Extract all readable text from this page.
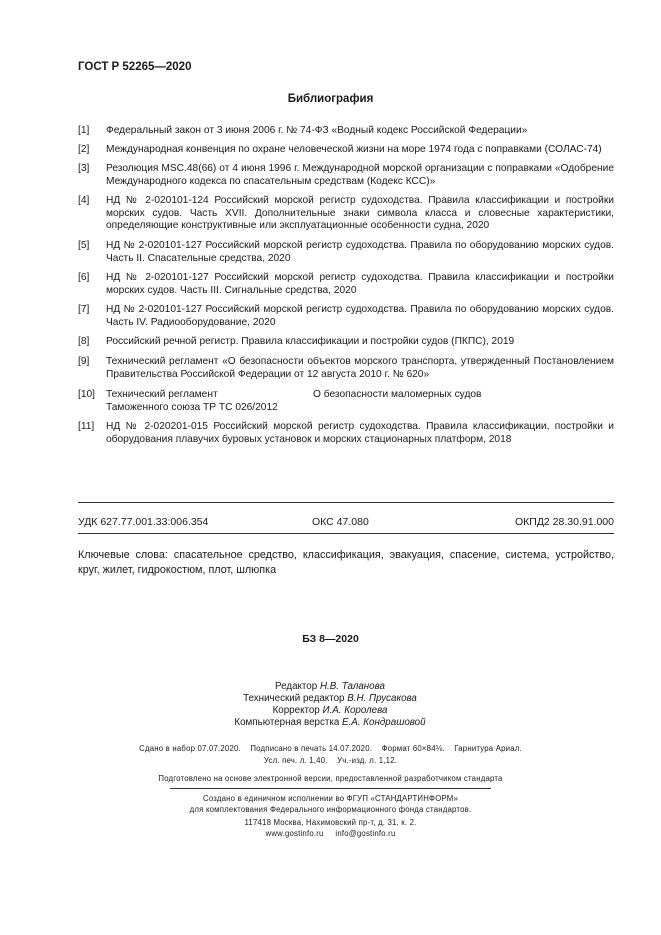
ГОСТ Р 52265—2020
Библиография
[1] Федеральный закон от 3 июня 2006 г. № 74-ФЗ «Водный кодекс Российской Федерации»
[2] Международная конвенция по охране человеческой жизни на море 1974 года с поправками (СОЛАС-74)
[3] Резолюция MSC.48(66) от 4 июня 1996 г. Международной морской организации с поправками «Одобрение Международного кодекса по спасательным средствам (Кодекс КСС)»
[4] НД № 2-020101-124 Российский морской регистр судоходства. Правила классификации и постройки морских судов. Часть XVII. Дополнительные знаки символа класса и словесные характеристики, определяющие конструктивные или эксплуатационные особенности судна, 2020
[5] НД № 2-020101-127 Российский морской регистр судоходства. Правила по оборудованию морских судов. Часть II. Спасательные средства, 2020
[6] НД № 2-020101-127 Российский морской регистр судоходства. Правила классификации и постройки морских судов. Часть III. Сигнальные средства, 2020
[7] НД № 2-020101-127 Российский морской регистр судоходства. Правила по оборудованию морских судов. Часть IV. Радиооборудование, 2020
[8] Российский речной регистр. Правила классификации и постройки судов (ПКПС), 2019
[9] Технический регламент «О безопасности объектов морского транспорта, утвержденный Постановлением Правительства Российской Федерации от 12 августа 2010 г. № 620»
[10] Технический регламент
Таможенного союза ТР ТС 026/2012
О безопасности маломерных судов
[11] НД № 2-020201-015 Российский морской регистр судоходства. Правила классификации, постройки и оборудования плавучих буровых установок и морских стационарных платформ, 2018
УДК 627.77.001.33:006.354	ОКС 47.080	ОКПД2 28.30.91.000
Ключевые слова: спасательное средство, классификация, эвакуация, спасение, система, устройство, круг, жилет, гидрокостюм, плот, шлюпка
БЗ 8—2020
Редактор Н.В. Таланова
Технический редактор В.Н. Прусакова
Корректор И.А. Королева
Компьютерная верстка Е.А. Кондрашовой
Сдано в набор 07.07.2020.    Подписано в печать 14.07.2020.    Формат 60×84⅛.    Гарнитура Ариал.
Усл. печ. л. 1,40.    Уч.-изд. л. 1,12.
Подготовлено на основе электронной версии, предоставленной разработчиком стандарта
Создано в единичном исполнении во ФГУП «СТАНДАРТИНФОРМ»
для комплектования Федерального информационного фонда стандартов.
117418 Москва, Нахимовский пр-т, д. 31, к. 2.
www.gostinfo.ru     info@gostinfo.ru
